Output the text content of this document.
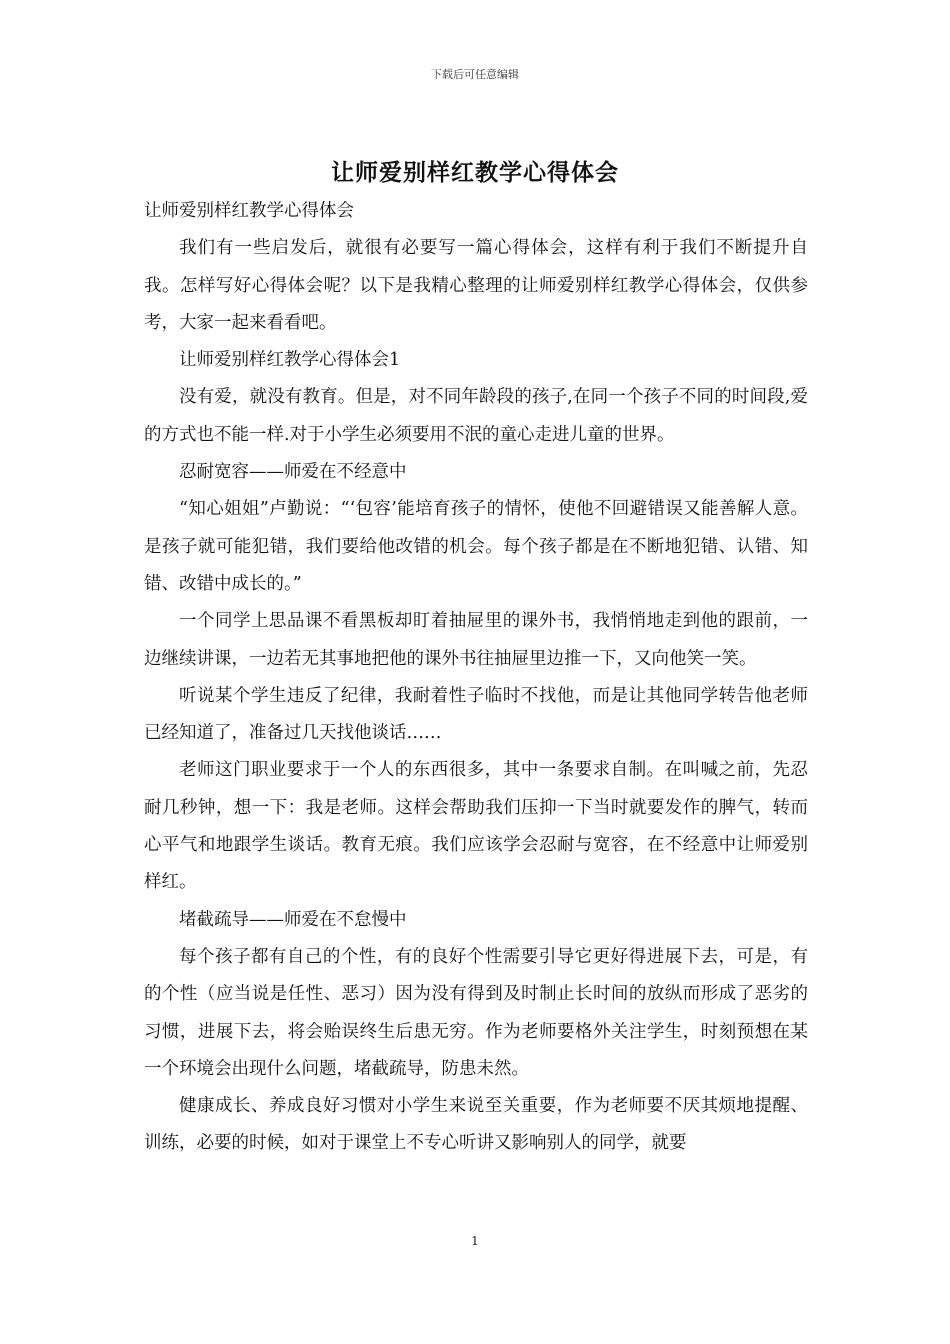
下载后可任意编辑
让师爱别样红教学心得体会

让师爱别样红教学心得体会

我们有一些启发后，就很有必要写一篇心得体会，这样有利于我们不断提升自我。怎样写好心得体会呢？以下是我精心整理的让师爱别样红教学心得体会，仅供参考，大家一起来看看吧。

让师爱别样红教学心得体会1

没有爱，就没有教育。但是，对不同年龄段的孩子,在同一个孩子不同的时间段,爱的方式也不能一样.对于小学生必须要用不泯的童心走进儿童的世界。

忍耐宽容——师爱在不经意中

“知心姐姐”卢勤说：“‘包容’能培育孩子的情怀，使他不回避错误又能善解人意。是孩子就可能犯错，我们要给他改错的机会。每个孩子都是在不断地犯错、认错、知错、改错中成长的。”

一个同学上思品课不看黑板却盯着抽屉里的课外书，我悄悄地走到他的跟前，一边继续讲课，一边若无其事地把他的课外书往抽屉里边推一下，又向他笑一笑。

听说某个学生违反了纪律，我耐着性子临时不找他，而是让其他同学转告他老师已经知道了，准备过几天找他谈话……

老师这门职业要求于一个人的东西很多，其中一条要求自制。在叫喊之前，先忍耐几秒钟，想一下：我是老师。这样会帮助我们压抑一下当时就要发作的脾气，转而心平气和地跟学生谈话。教育无痕。我们应该学会忍耐与宽容，在不经意中让师爱别样红。

堵截疏导——师爱在不怠慢中

每个孩子都有自己的个性，有的良好个性需要引导它更好得进展下去，可是，有的个性（应当说是任性、恶习）因为没有得到及时制止长时间的放纵而形成了恶劣的习惯，进展下去，将会贻误终生后患无穷。作为老师要格外关注学生，时刻预想在某一个环境会出现什么问题，堵截疏导，防患未然。

健康成长、养成良好习惯对小学生来说至关重要，作为老师要不厌其烦地提醒、训练，必要的时候，如对于课堂上不专心听讲又影响别人的同学，就要

1
